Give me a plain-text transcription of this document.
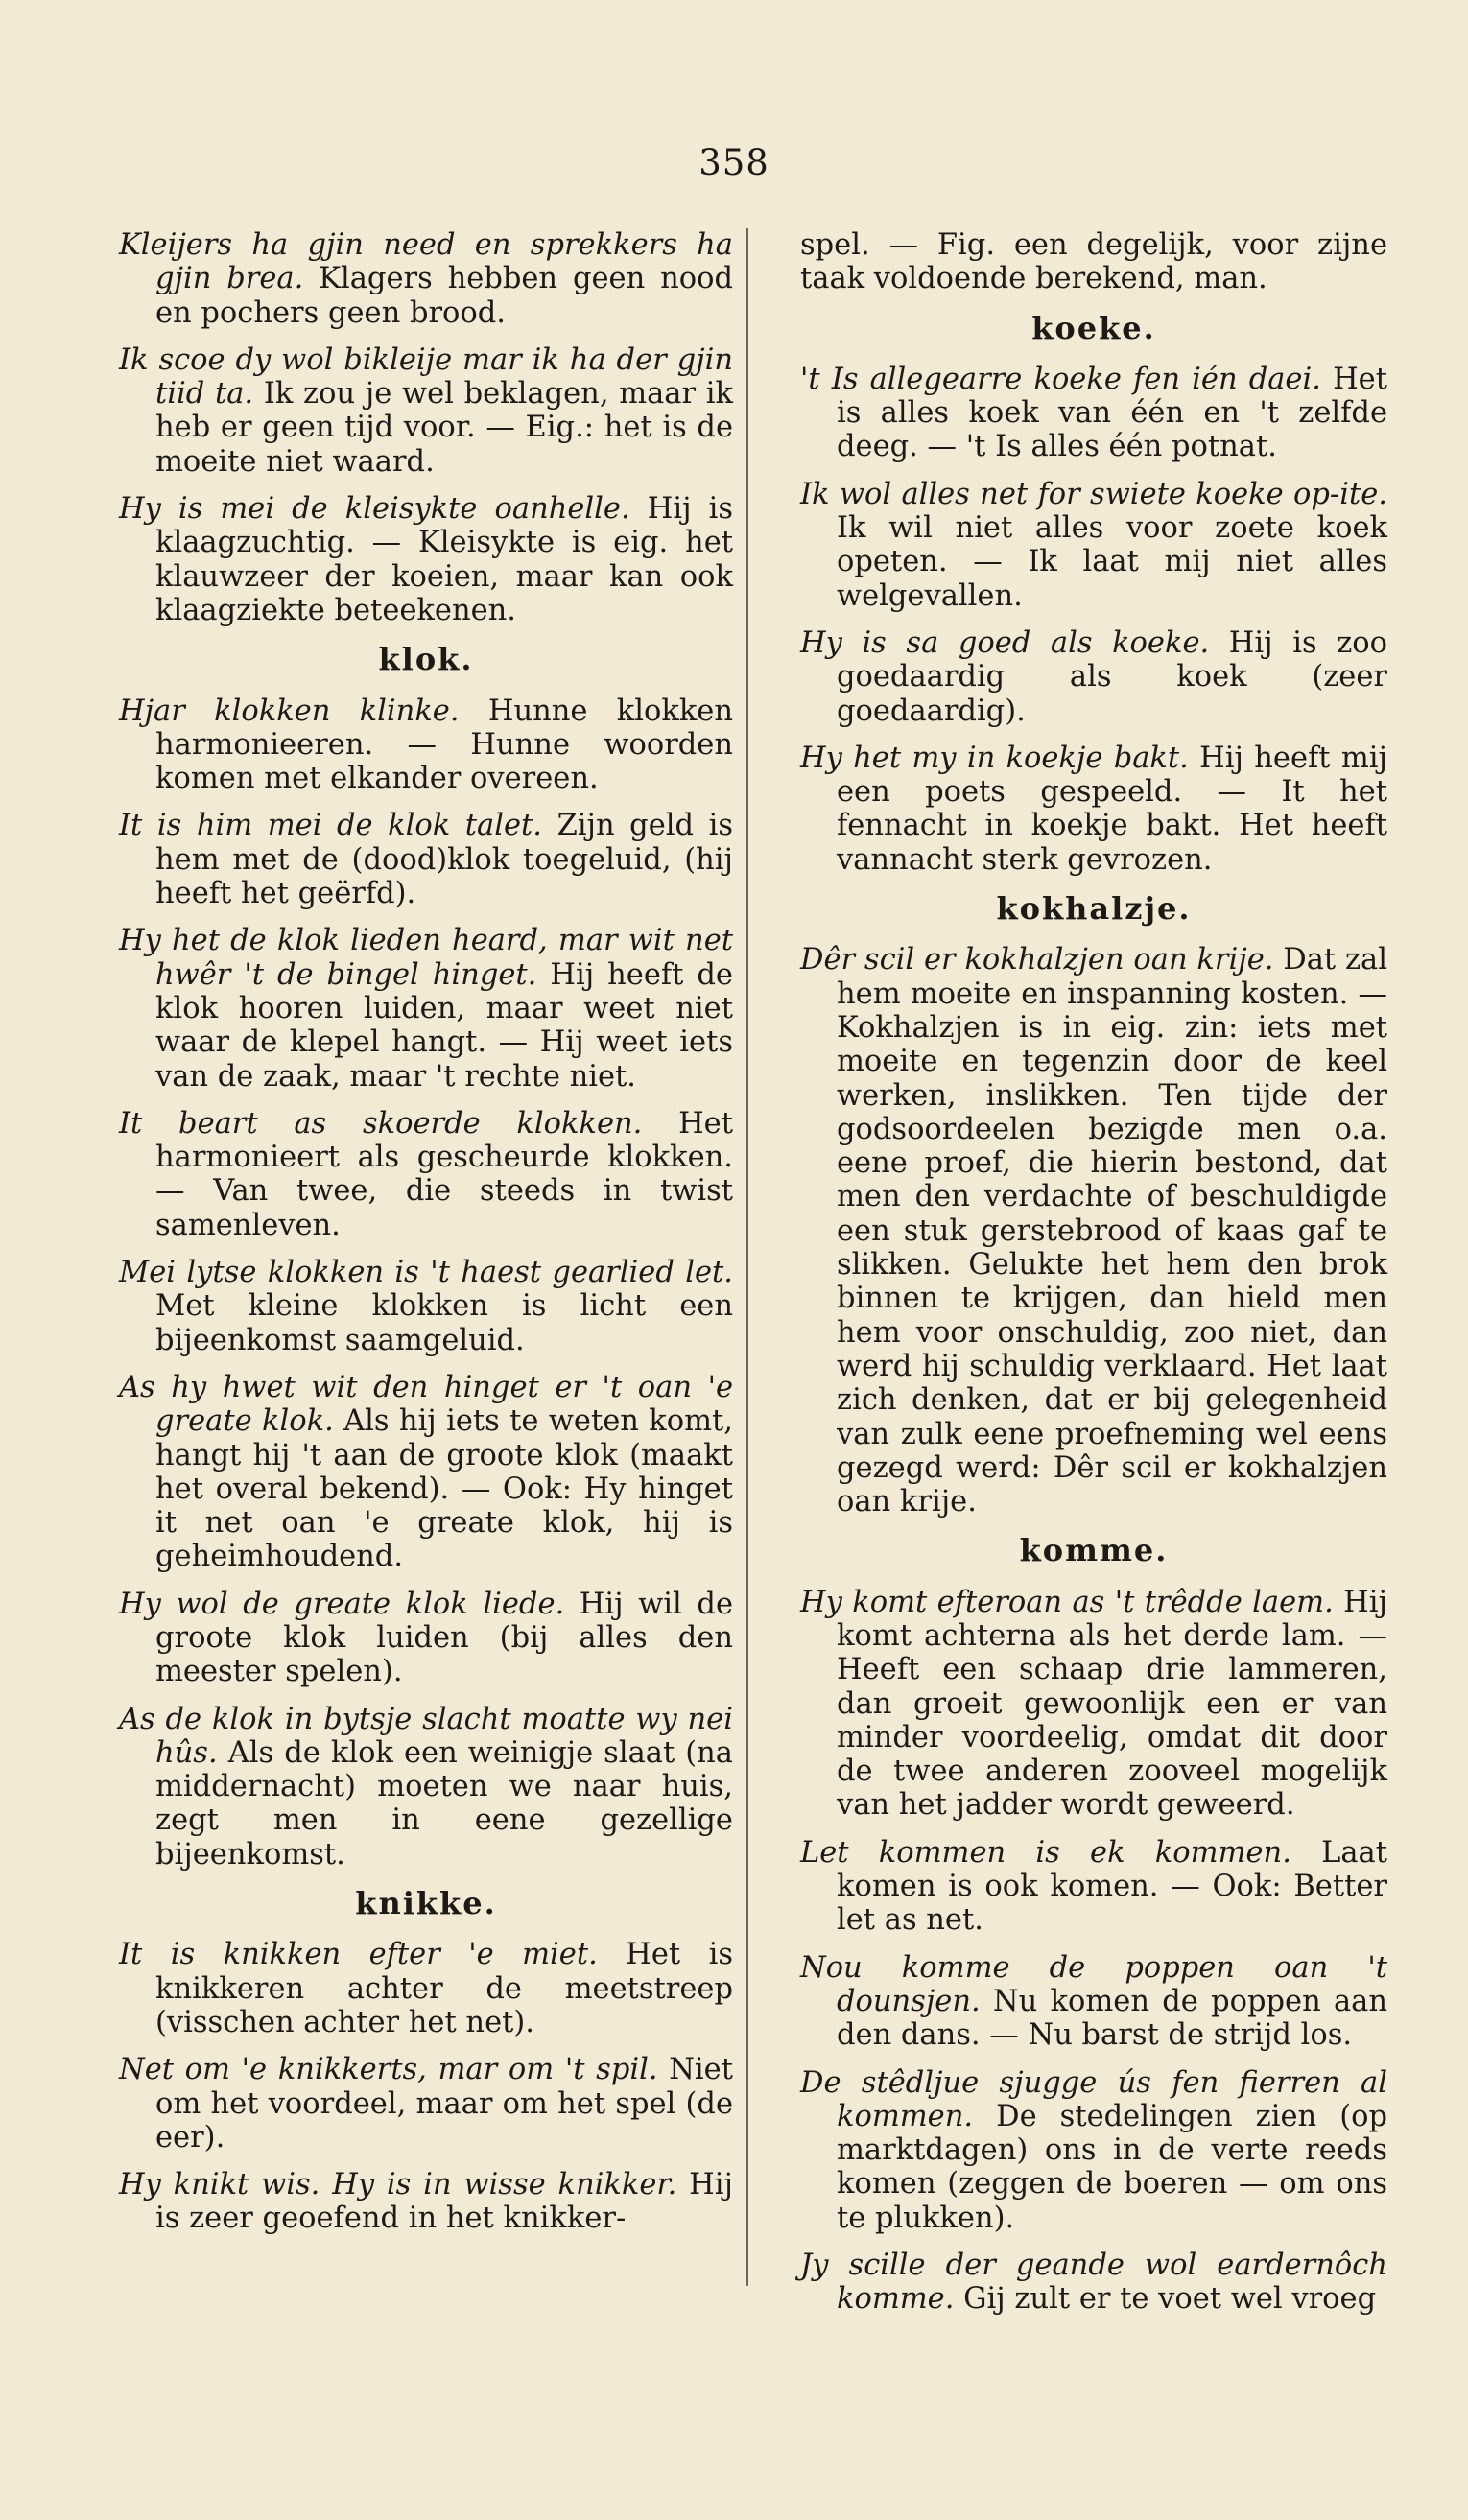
358
Kleijers ha gjin need en sprekkers ha gjin brea. Klagers hebben geen nood en pochers geen brood.
Ik scoe dy wol bikleije mar ik ha der gjin tiid ta. Ik zou je wel beklagen, maar ik heb er geen tijd voor. — Eig.: het is de moeite niet waard.
Hy is mei de kleisykte oanhelle. Hij is klaagzuchtig. — Kleisykte is eig. het klauwzeer der koeien, maar kan ook klaagziekte beteekenen.
klok.
Hjar klokken klinke. Hunne klokken harmonieeren. — Hunne woorden komen met elkander overeen.
It is him mei de klok talet. Zijn geld is hem met de (dood)klok toegeluid, (hij heeft het geërfd).
Hy het de klok lieden heard, mar wit net hwêr 't de bingel hinget. Hij heeft de klok hooren luiden, maar weet niet waar de klepel hangt. — Hij weet iets van de zaak, maar 't rechte niet.
It beart as skoerde klokken. Het harmonieert als gescheurde klokken. — Van twee, die steeds in twist samenleven.
Mei lytse klokken is 't haest gearlied let. Met kleine klokken is licht een bijeenkomst saamgeluid.
As hy hwet wit den hinget er 't oan 'e greate klok. Als hij iets te weten komt, hangt hij 't aan de groote klok (maakt het overal bekend). — Ook: Hy hinget it net oan 'e greate klok, hij is geheimhoudend.
Hy wol de greate klok liede. Hij wil de groote klok luiden (bij alles den meester spelen).
As de klok in bytsje slacht moatte wy nei hûs. Als de klok een weinigje slaat (na middernacht) moeten we naar huis, zegt men in eene gezellige bijeenkomst.
knikke.
It is knikken efter 'e miet. Het is knikkeren achter de meetstreep (visschen achter het net).
Net om 'e knikkerts, mar om 't spil. Niet om het voordeel, maar om het spel (de eer).
Hy knikt wis. Hy is in wisse knikker. Hij is zeer geoefend in het knikker-
spel. — Fig. een degelijk, voor zijne taak voldoende berekend, man.
koeke.
't Is allegearre koeke fen ién daei. Het is alles koek van één en 't zelfde deeg. — 't Is alles één potnat.
Ik wol alles net for swiete koeke op-ite. Ik wil niet alles voor zoete koek opeten. — Ik laat mij niet alles welgevallen.
Hy is sa goed als koeke. Hij is zoo goedaardig als koek (zeer goedaardig).
Hy het my in koekje bakt. Hij heeft mij een poets gespeeld. — It het fennacht in koekje bakt. Het heeft vannacht sterk gevrozen.
kokhalzje.
Dêr scil er kokhalzjen oan krije. Dat zal hem moeite en inspanning kosten. — Kokhalzjen is in eig. zin: iets met moeite en tegenzin door de keel werken, inslikken. Ten tijde der godsoordeelen bezigde men o.a. eene proef, die hierin bestond, dat men den verdachte of beschuldigde een stuk gerstebrood of kaas gaf te slikken. Gelukte het hem den brok binnen te krijgen, dan hield men hem voor onschuldig, zoo niet, dan werd hij schuldig verklaard. Het laat zich denken, dat er bij gelegenheid van zulk eene proefneming wel eens gezegd werd: Dêr scil er kokhalzjen oan krije.
komme.
Hy komt efteroan as 't trêdde laem. Hij komt achterna als het derde lam. — Heeft een schaap drie lammeren, dan groeit gewoonlijk een er van minder voordeelig, omdat dit door de twee anderen zooveel mogelijk van het jadder wordt geweerd.
Let kommen is ek kommen. Laat komen is ook komen. — Ook: Better let as net.
Nou komme de poppen oan 't dounsjen. Nu komen de poppen aan den dans. — Nu barst de strijd los.
De stêdljue sjugge ús fen fierren al kommen. De stedelingen zien (op marktdagen) ons in de verte reeds komen (zeggen de boeren — om ons te plukken).
Jy scille der geande wol eardernôch komme. Gij zult er te voet wel vroeg
